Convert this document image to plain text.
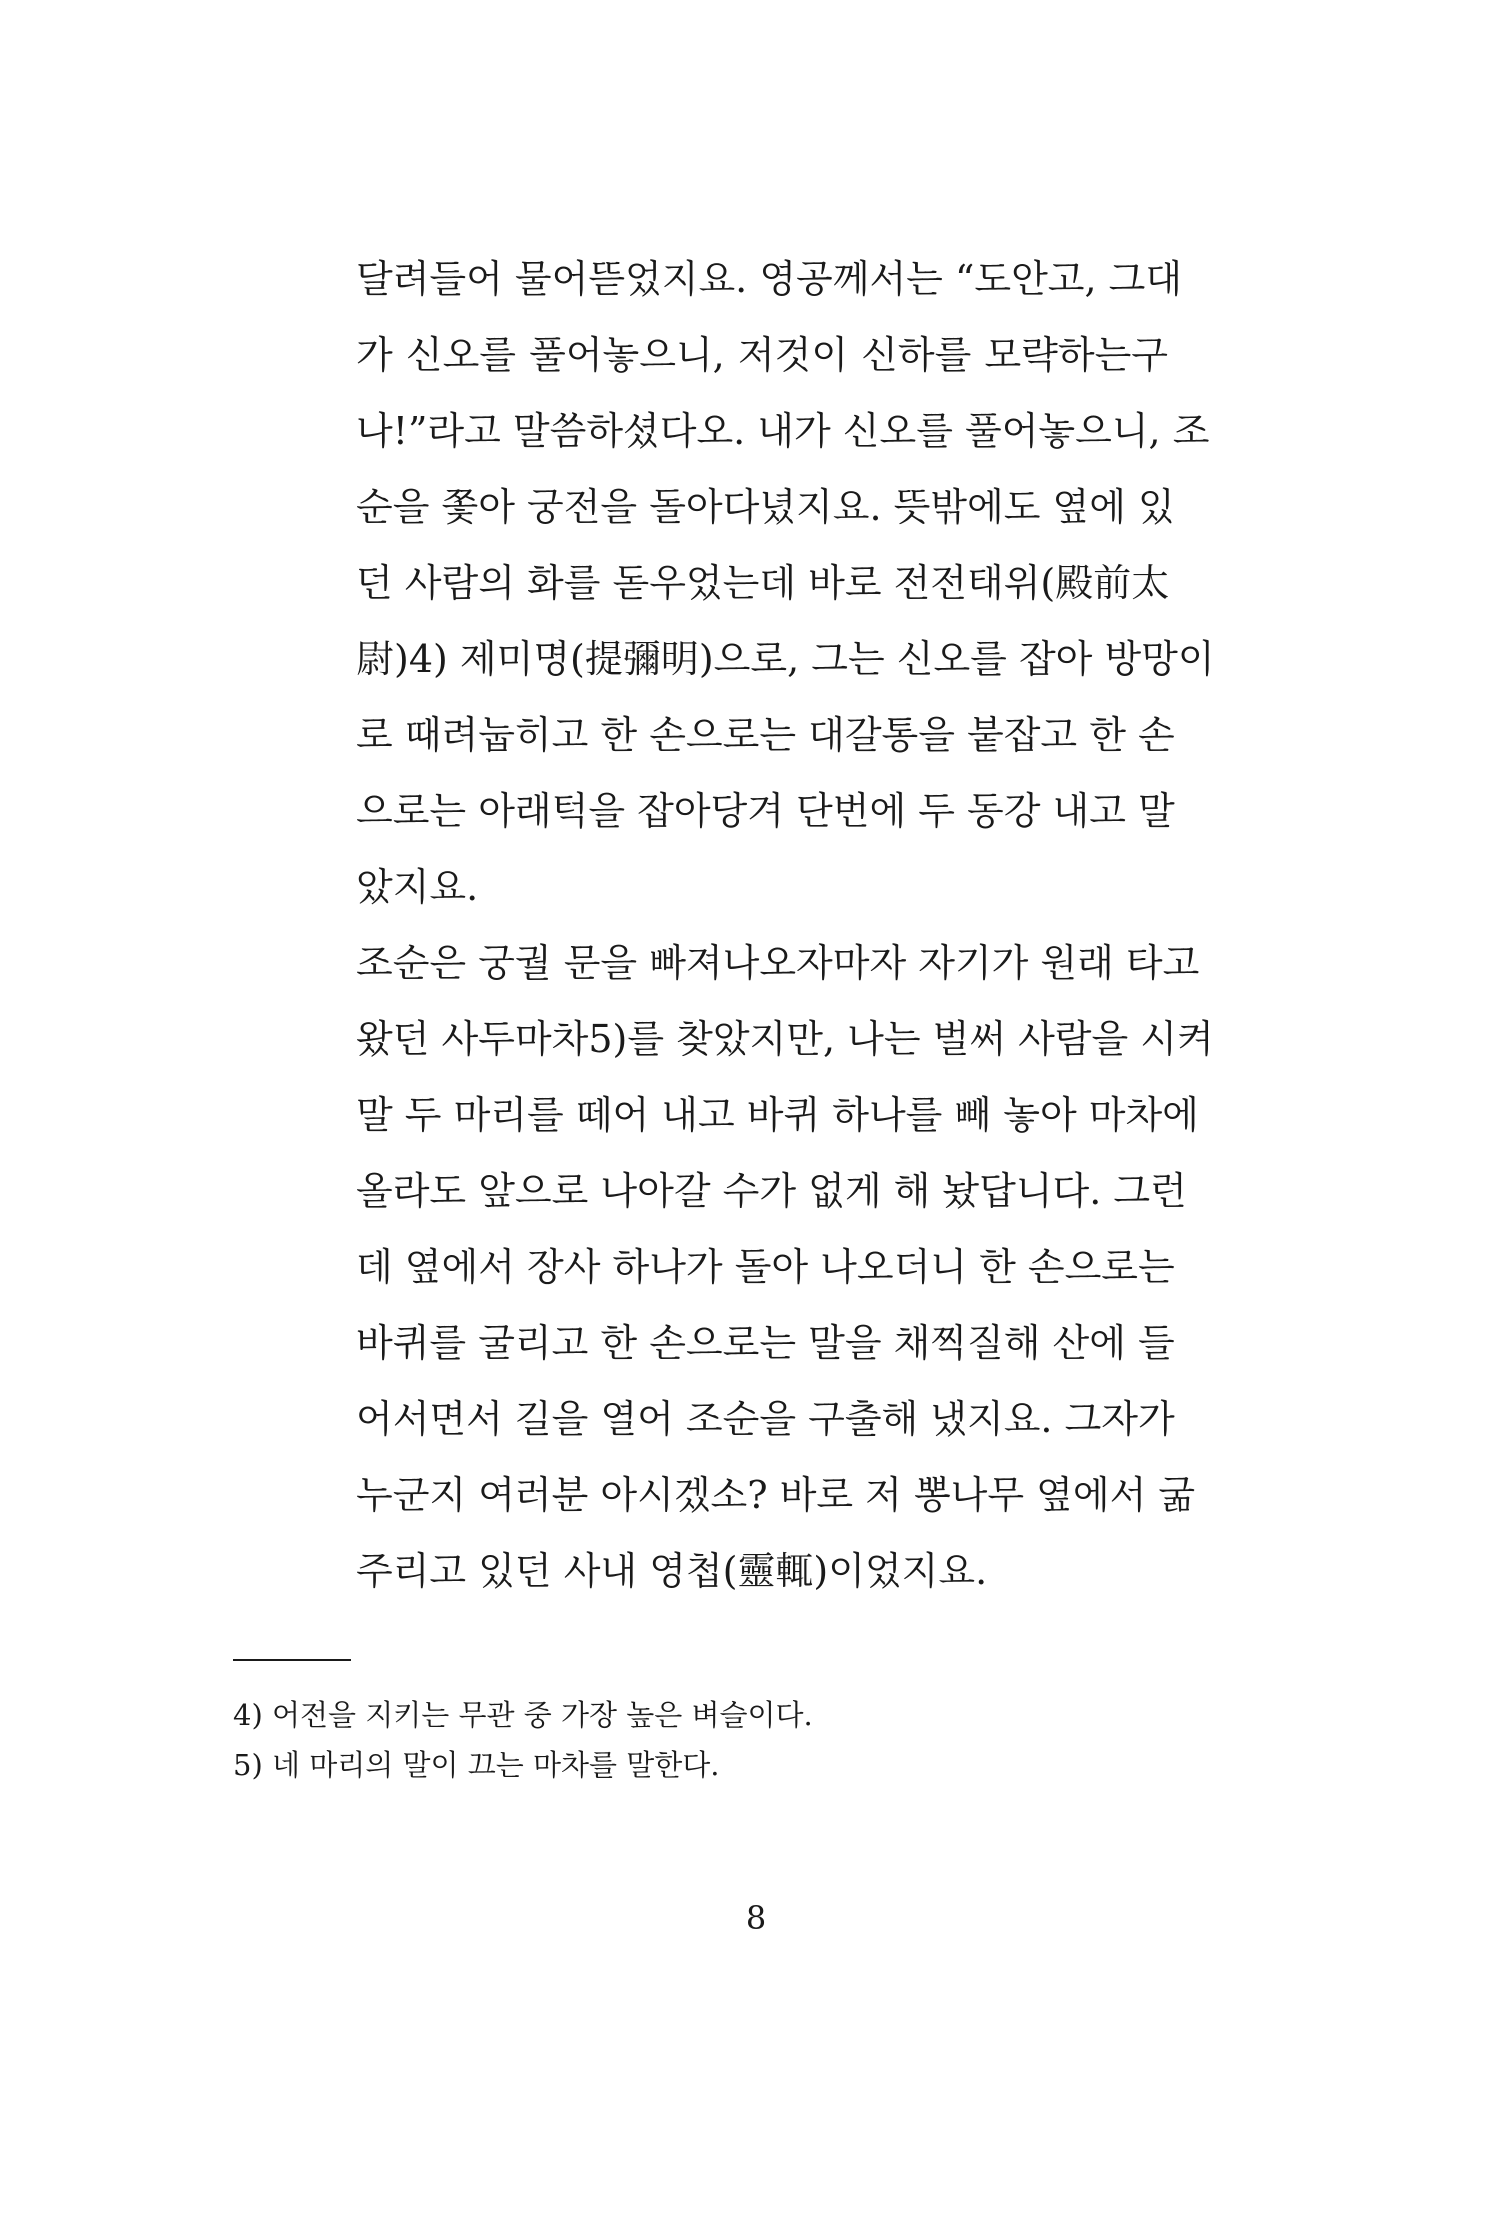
달려들어 물어뜯었지요. 영공께서는 “도안고, 그대
가 신오를 풀어놓으니, 저것이 신하를 모략하는구
나!”라고 말씀하셨다오. 내가 신오를 풀어놓으니, 조
순을 쫓아 궁전을 돌아다녔지요. 뜻밖에도 옆에 있
던 사람의 화를 돋우었는데 바로 전전태위(殿前太
尉)4) 제미명(提彌明)으로, 그는 신오를 잡아 방망이
로 때려눕히고 한 손으로는 대갈통을 붙잡고 한 손
으로는 아래턱을 잡아당겨 단번에 두 동강 내고 말
았지요.
조순은 궁궐 문을 빠져나오자마자 자기가 원래 타고
왔던 사두마차5)를 찾았지만, 나는 벌써 사람을 시켜
말 두 마리를 떼어 내고 바퀴 하나를 빼 놓아 마차에
올라도 앞으로 나아갈 수가 없게 해 놨답니다. 그런
데 옆에서 장사 하나가 돌아 나오더니 한 손으로는
바퀴를 굴리고 한 손으로는 말을 채찍질해 산에 들
어서면서 길을 열어 조순을 구출해 냈지요. 그자가
누군지 여러분 아시겠소? 바로 저 뽕나무 옆에서 굶
주리고 있던 사내 영첩(靈輒)이었지요.
4) 어전을 지키는 무관 중 가장 높은 벼슬이다.
5) 네 마리의 말이 끄는 마차를 말한다.
8
